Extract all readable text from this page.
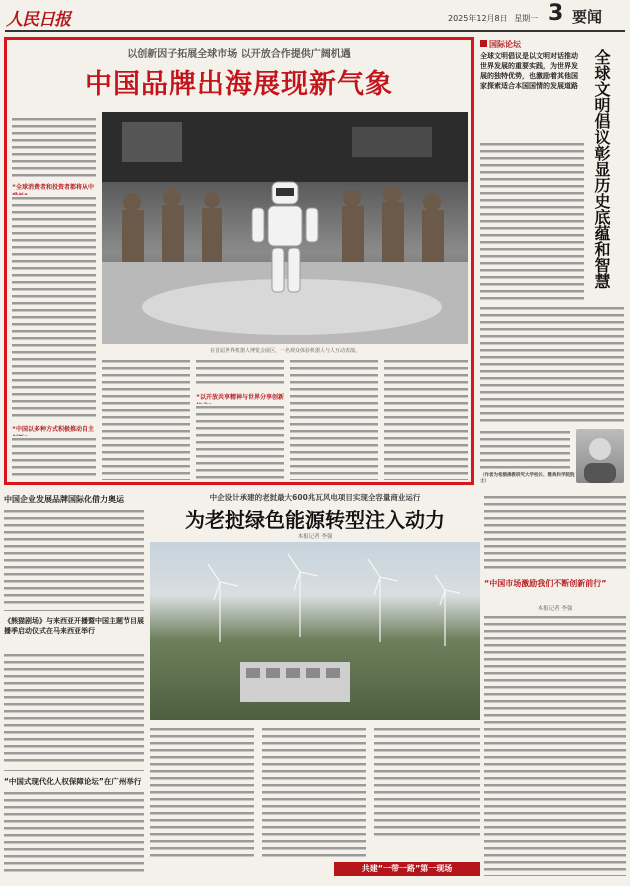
人民日报	2025年12月8日 星期一 3 要闻
以创新因子拓展全球市场 以开放合作提供广阔机遇
中国品牌出海展现新气象
“全球消费者和投资者都将从中
“中国以多种方式积极推动自主
在首届世界机器人博览会展区，一名观众体验机器人与人互动表演。
“以开放共享精神与世界分享创新
国际论坛
全球文明倡议是以文明对话推动世界发展的重要实践，为世界发展的独特优势，也激励着其他国家探索适合本国国情的发展道路 全球文明倡议彰显历史底蕴和智慧
（作者为希腊佛教研究大学校长、雅典科学院院士）
中国企业发展品牌国际化借力奥运
《熊猫剧场》与来西亚开播暨中国主题节目展播季启动仪式在马来西亚举行
“中国式现代化人权保障论坛”在广州举行
中企设计承建的老挝最大600兆瓦风电项目实现全容量商业运行
为老挝绿色能源转型注入动力
本报记者 李强
共建“一带一路”第一现场
“中国市场激励我们不断创新前行”
本报记者 李强
